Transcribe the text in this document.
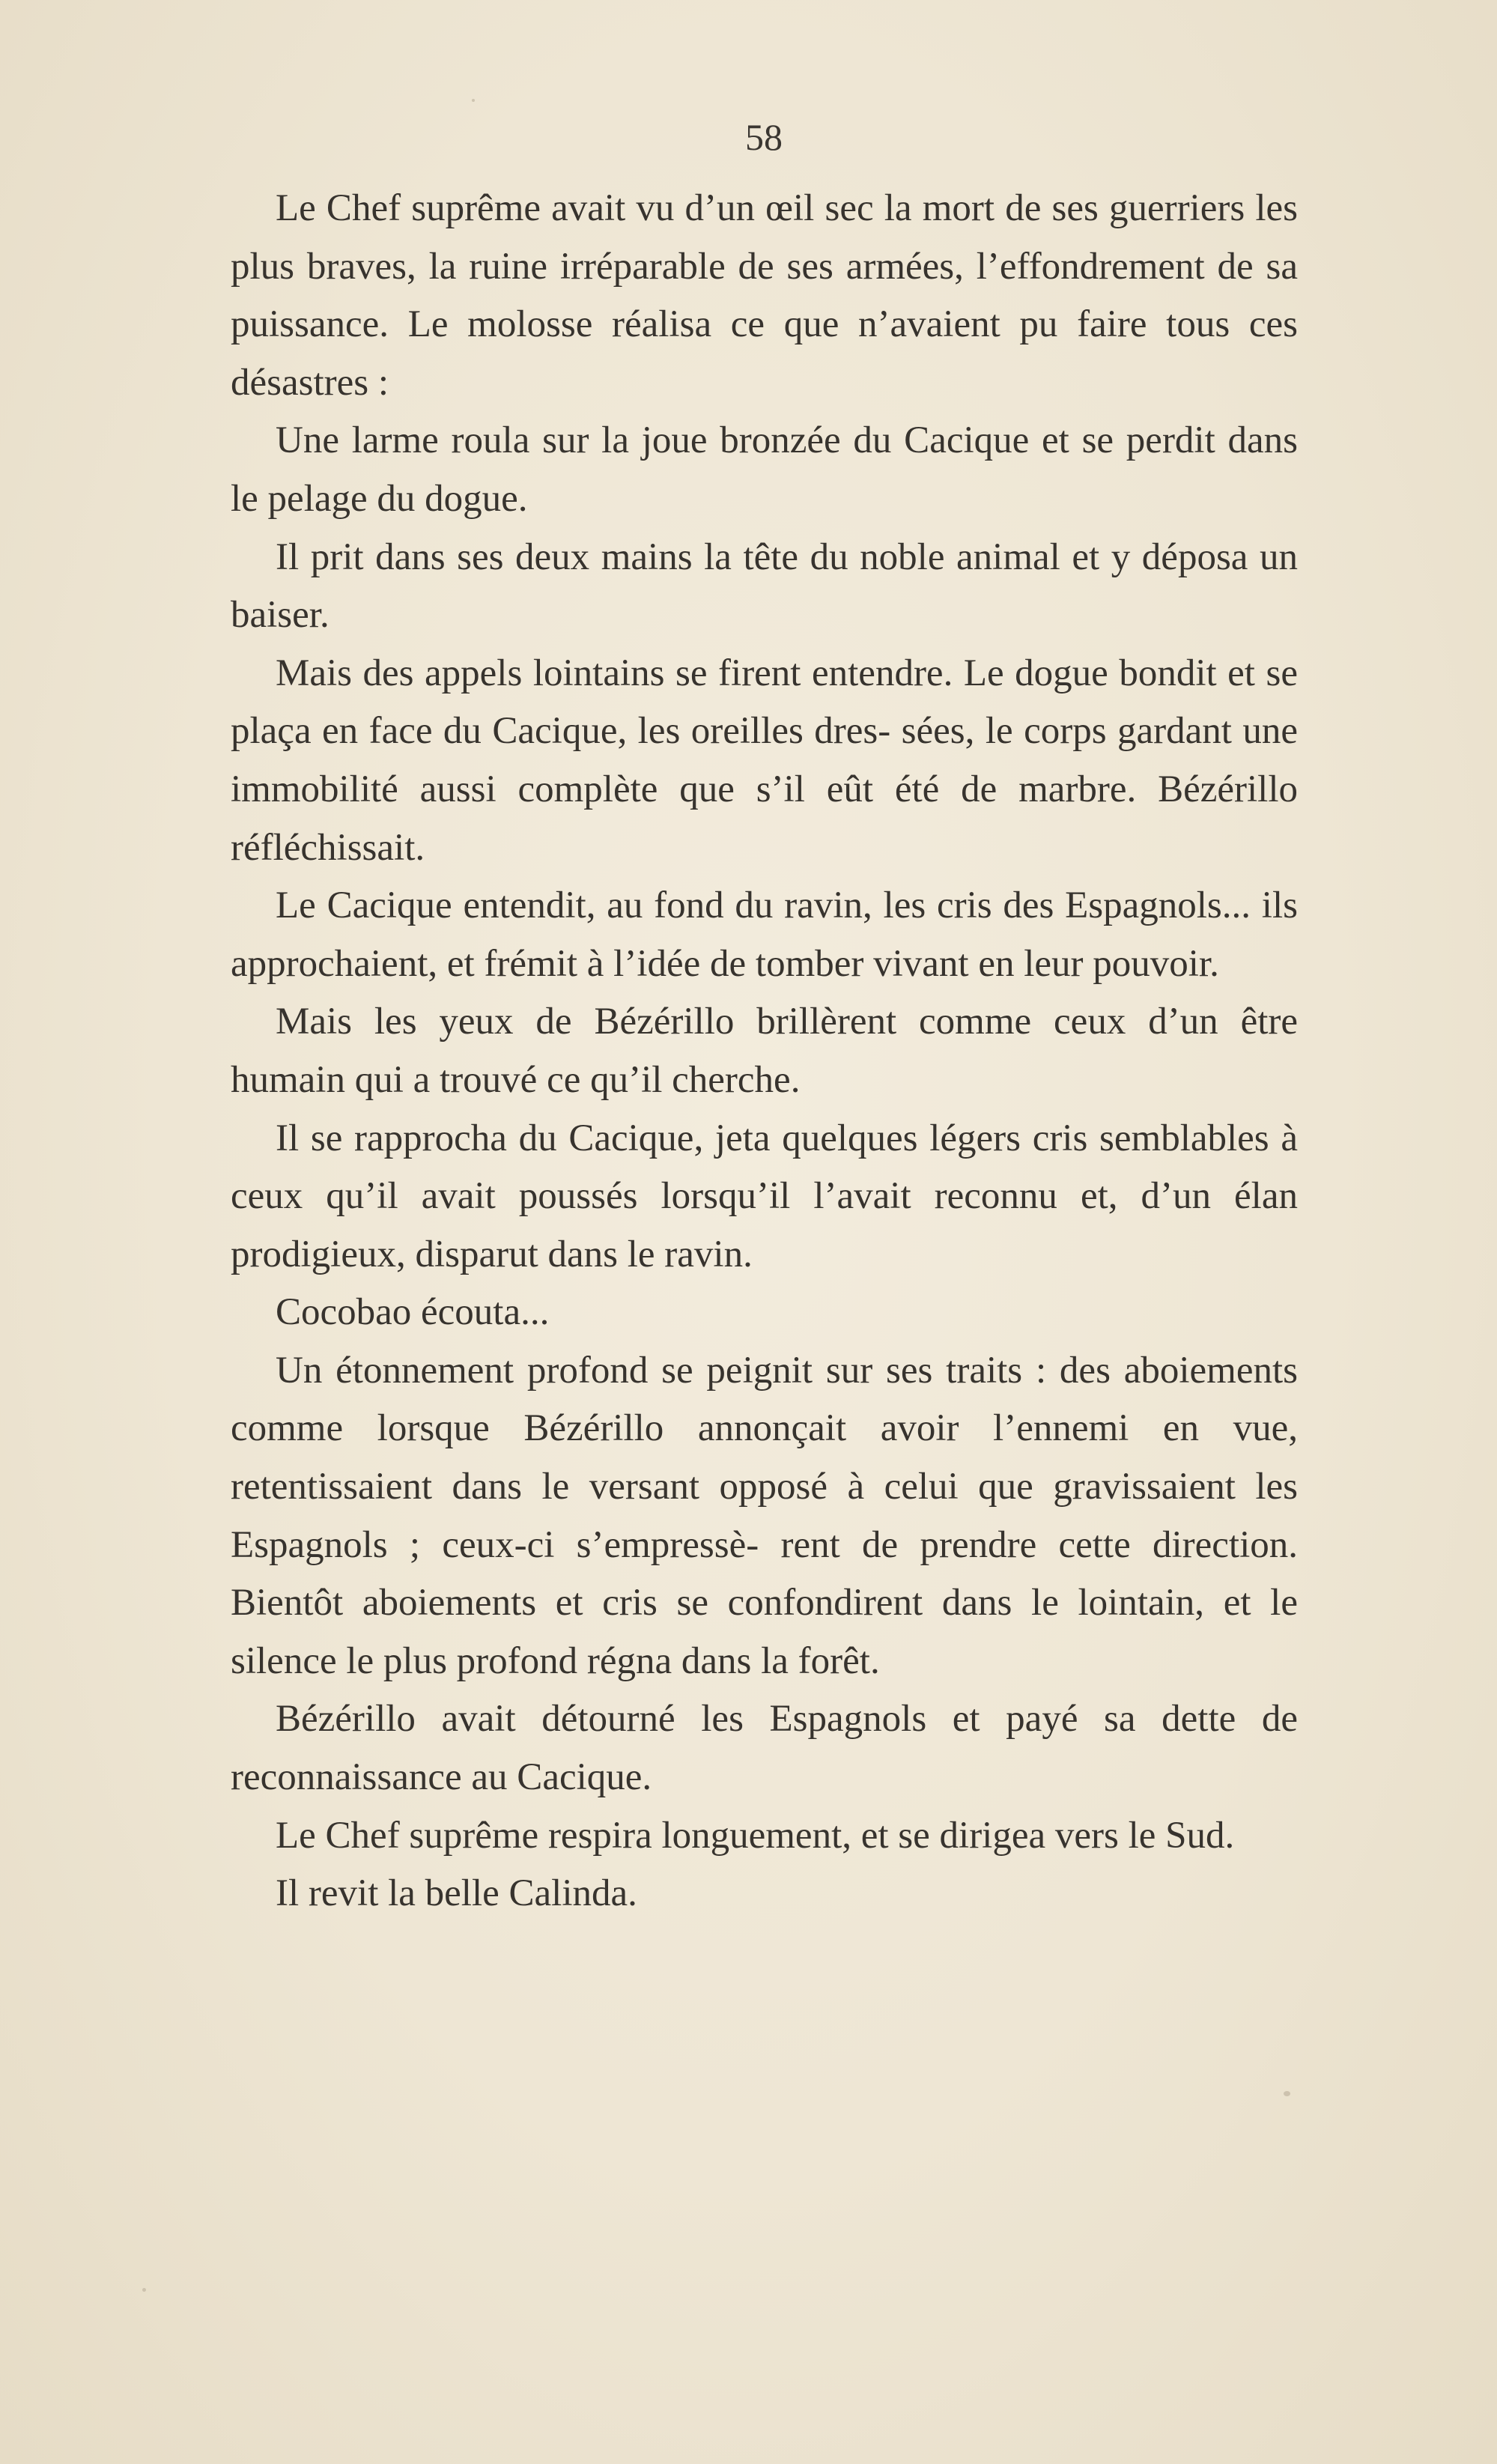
58

Le Chef suprême avait vu d’un œil sec la mort de ses guerriers les plus braves, la ruine irréparable de ses armées, l’effondrement de sa puissance. Le molosse réalisa ce que n’avaient pu faire tous ces désastres :

Une larme roula sur la joue bronzée du Cacique et se perdit dans le pelage du dogue.

Il prit dans ses deux mains la tête du noble animal et y déposa un baiser.

Mais des appels lointains se firent entendre. Le dogue bondit et se plaça en face du Cacique, les oreilles dres- sées, le corps gardant une immobilité aussi complète que s’il eût été de marbre. Bézérillo réfléchissait.

Le Cacique entendit, au fond du ravin, les cris des Espagnols... ils approchaient, et frémit à l’idée de tomber vivant en leur pouvoir.

Mais les yeux de Bézérillo brillèrent comme ceux d’un être humain qui a trouvé ce qu’il cherche.

Il se rapprocha du Cacique, jeta quelques légers cris semblables à ceux qu’il avait poussés lorsqu’il l’avait reconnu et, d’un élan prodigieux, disparut dans le ravin.

Cocobao écouta...

Un étonnement profond se peignit sur ses traits : des aboiements comme lorsque Bézérillo annonçait avoir l’ennemi en vue, retentissaient dans le versant opposé à celui que gravissaient les Espagnols ; ceux-ci s’empressè- rent de prendre cette direction. Bientôt aboiements et cris se confondirent dans le lointain, et le silence le plus profond régna dans la forêt.

Bézérillo avait détourné les Espagnols et payé sa dette de reconnaissance au Cacique.

Le Chef suprême respira longuement, et se dirigea vers le Sud.

Il revit la belle Calinda.
